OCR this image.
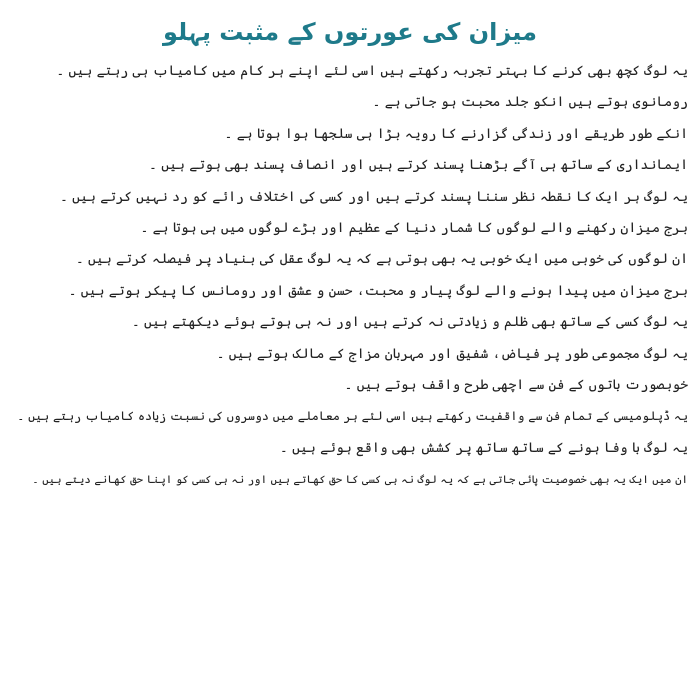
میزان کی عورتوں کے مثبت پہلو
یہ لوگ کچھ بھی کرنے کا بہتر تجربہ رکھتے ہیں اسی لئے اپنے ہر کام میں کامیاب ہی رہتے ہیں ۔
رومانوی ہوتے ہیں انکو جلد محبت ہو جاتی ہے ۔
انکے طور طریقے اور زندگی گزارنے کا رویہ بڑا ہی سلجھا ہوا ہوتا ہے ۔
ایمانداری کے ساتھ ہی آگے بڑھنا پسند کرتے ہیں اور انصاف پسند بھی ہوتے ہیں ۔
یہ لوگ ہر ایک کا نقطہ نظر سننا پسند کرتے ہیں اور کسی کی اختلاف رائے کو رد نہیں کرتے ہیں ۔
برج میزان رکھنے والے لوگوں کا شمار دنیا کے عظیم اور بڑے لوگوں میں ہی ہوتا ہے ۔
ان لوگوں کی خوبی میں ایک خوبی یہ بھی ہوتی ہے کہ یہ لوگ عقل کی بنیاد پر فیصلہ کرتے ہیں ۔
برج میزان میں پیدا ہونے والے لوگ پیار و محبت، حسن و عشق اور رومانس کا پیکر ہوتے ہیں ۔
یہ لوگ کسی کے ساتھ بھی ظلم و زیادتی نہ کرتے ہیں اور نہ ہی ہوتے ہوئے دیکھتے ہیں ۔
یہ لوگ مجموعی طور پر فیاض، شفیق اور مہربان مزاج کے مالک ہوتے ہیں ۔
خوبصورت باتوں کے فن سے اچھی طرح واقف ہوتے ہیں ۔
یہ ڈپلومیسی کے تمام فن سے واقفیت رکھتے ہیں اسی لئے ہر معاملے میں دوسروں کی نسبت زیادہ کامیاب رہتے ہیں ۔
یہ لوگ با وفا ہونے کے ساتھ ساتھ پر کشش بھی واقع ہوئے ہیں ۔
ان میں ایک یہ بھی خصوصیت پائی جاتی ہے کہ یہ لوگ نہ ہی کسی کا حق کھاتے ہیں اور نہ ہی کسی کو اپنا حق کھانے دیتے ہیں ۔
